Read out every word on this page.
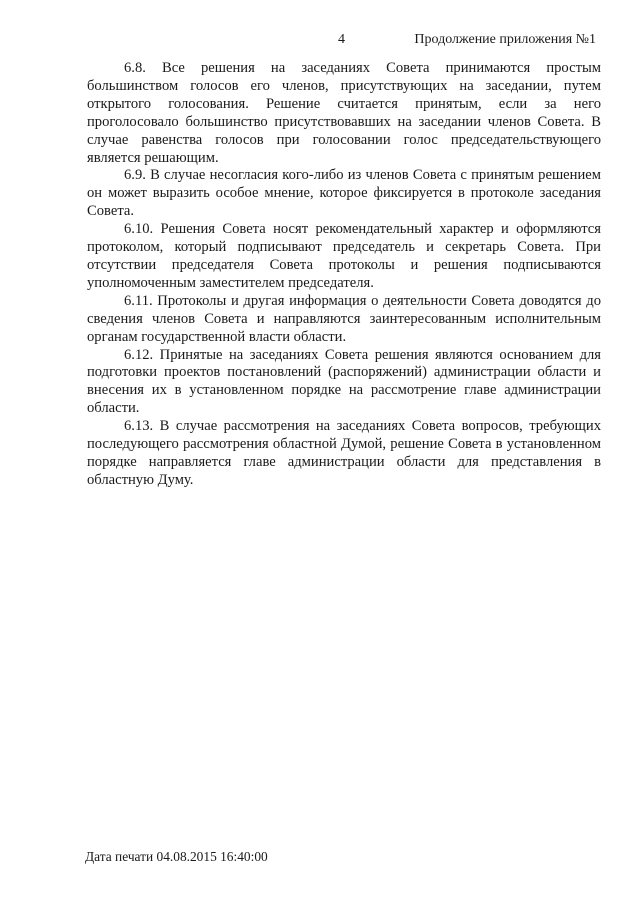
4	Продолжение приложения №1

6.8. Все решения на заседаниях Совета принимаются простым большинством голосов его членов, присутствующих на заседании, путем открытого голосования. Решение считается принятым, если за него проголосовало большинство присутствовавших на заседании членов Совета. В случае равенства голосов при голосовании голос председательствующего является решающим.

6.9. В случае несогласия кого-либо из членов Совета с принятым решением он может выразить особое мнение, которое фиксируется в протоколе заседания Совета.

6.10. Решения Совета носят рекомендательный характер и оформляются протоколом, который подписывают председатель и секретарь Совета. При отсутствии председателя Совета протоколы и решения подписываются уполномоченным заместителем председателя.

6.11. Протоколы и другая информация о деятельности Совета доводятся до сведения членов Совета и направляются заинтересованным исполнительным органам государственной власти области.

6.12. Принятые на заседаниях Совета решения являются основанием для подготовки проектов постановлений (распоряжений) администрации области и внесения их в установленном порядке на рассмотрение главе администрации области.

6.13. В случае рассмотрения на заседаниях Совета вопросов, требующих последующего рассмотрения областной Думой, решение Совета в установленном порядке направляется главе администрации области для представления в областную Думу.

Дата печати 04.08.2015 16:40:00
